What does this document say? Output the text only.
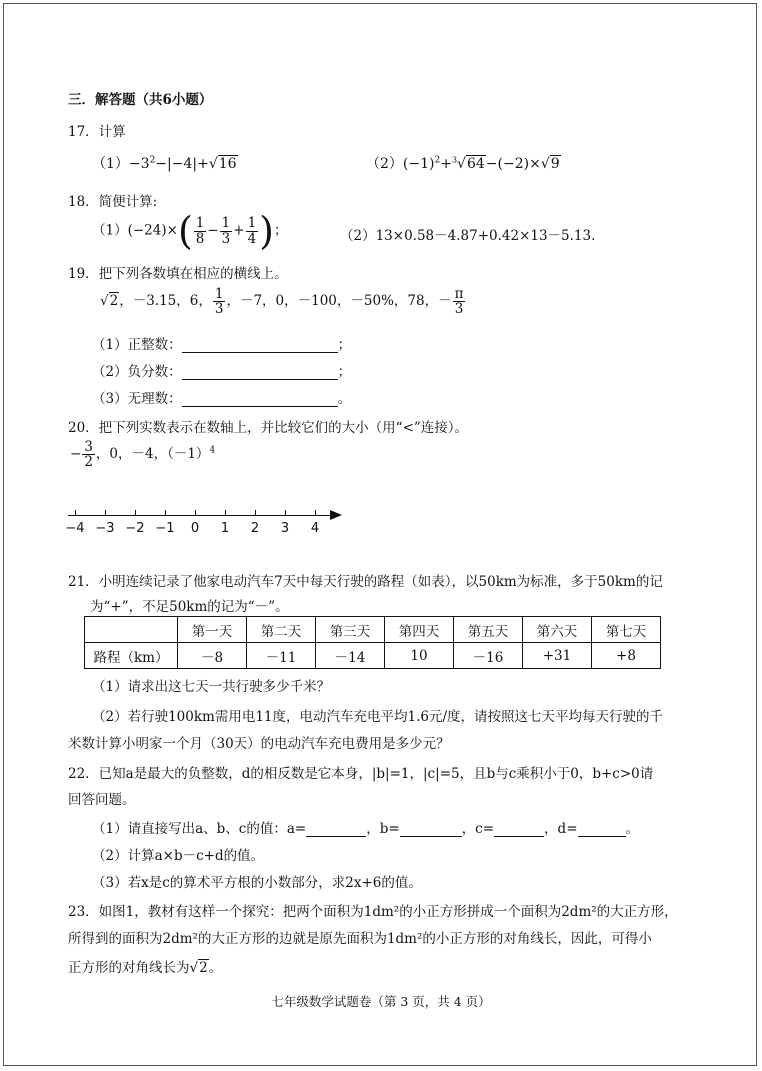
三．解答题（共6小题）
17．计算
$(1)-3^2-|-4|+√16$	$(2)(-1)^2+^3√64-(-2)\times√9$
18．简便计算:
$(1)(-24)\times( \frac{1}{8} - \frac{1}{3} + \frac{1}{4}$ )；	（2）13×0.58－4.87+0.42×13－5.13.
19．把下列各数填在相应的横线上。
√2，－3.15，6， $\frac{1}{3}$ ，－7，0，－100，－50%，78，－ $\frac{\pi}{3}$
（1）正整数：	；
（2）负分数：	；
（3）无理数：	。
20．把下列实数表示在数轴上，并比较它们的大小（用“<”连接）。
− $\frac{3}{2}$ ，0，－4，$(-1)^4$
−4 −3 −2 −1 0 1 2 3 4
21．小明连续记录了他家电动汽车7天中每天行驶的路程（如表），以50km为标准，多于50km的记
为“+”，不足50km的记为“－”。
	第一天	第二天	第三天	第四天	第五天	第六天	第七天
路程（km）	－8	－11	－14	10	－16	+31	+8
（1）请求出这七天一共行驶多少千米？
（2）若行驶100km需用电11度，电动汽车充电平均1.6元/度，请按照这七天平均每天行驶的千
米数计算小明家一个月（30天）的电动汽车充电费用是多少元？
22．已知a是最大的负整数，d的相反数是它本身，|b|=1，|c|=5，且b与c乘积小于0，b+c>0请
回答问题。
（1）请直接写出a、b、c的值：a=	，b=	，c=	，d=	。
（2）计算a×b－c+d的值。
（3）若x是c的算术平方根的小数部分，求2x+6的值。
23．如图1，教材有这样一个探究：把两个面积为1dm²的小正方形拼成一个面积为2dm²的大正方形，
所得到的面积为2dm²的大正方形的边就是原先面积为1dm²的小正方形的对角线长，因此，可得小
正方形的对角线长为√2。
七年级数学试题卷（第 3 页，共 4 页）
